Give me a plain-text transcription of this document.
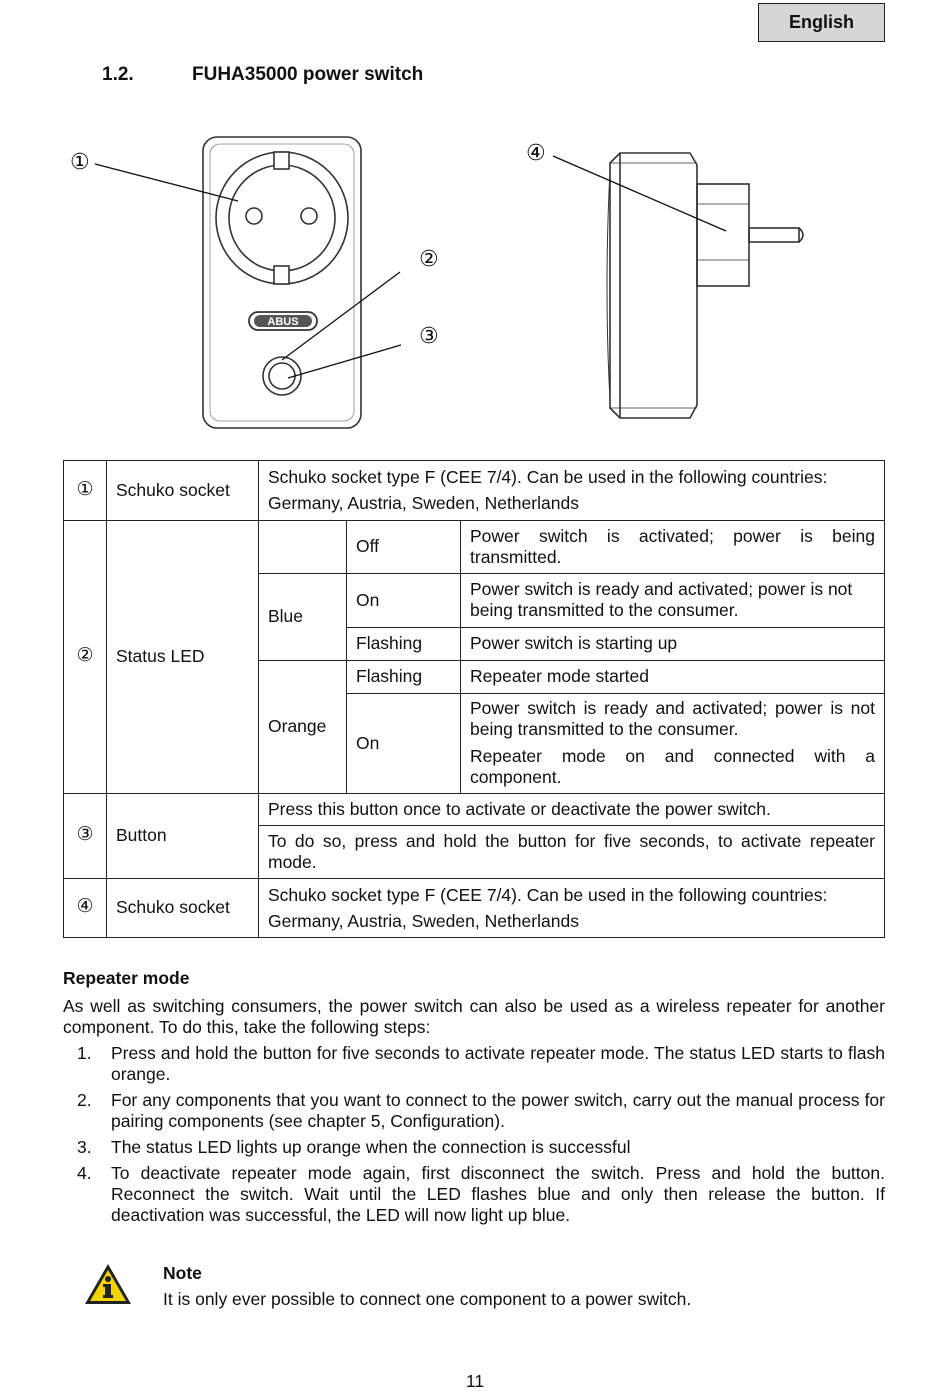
English
1.2.	FUHA35000 power switch
ABUS
①
②
③
④
①	Schuko socket	Schuko socket type F (CEE 7/4). Can be used in the following countries:
Germany, Austria, Sweden, Netherlands		

②	Status LED		Off	Power switch is activated; power is being transmitted.
		Blue	On	Power switch is ready and activated; power is not being transmitted to the consumer.
			Flashing	Power switch is starting up
		Orange	Flashing	Repeater mode started
			On	Power switch is ready and activated; power is not being transmitted to the consumer.
Repeater mode on and connected with a component.

③	Button	Press this button once to activate or deactivate the power switch.		
		To do so, press and hold the button for five seconds, to activate repeater mode.		
④	Schuko socket	Schuko socket type F (CEE 7/4). Can be used in the following countries:
Germany, Austria, Sweden, Netherlands		
Repeater mode

As well as switching consumers, the power switch can also be used as a wireless repeater for another component. To do this, take the following steps:

1. Press and hold the button for five seconds to activate repeater mode. The status LED starts to flash orange.
2. For any components that you want to connect to the power switch, carry out the manual process for pairing components (see chapter 5, Configuration).
3. The status LED lights up orange when the connection is successful
4. To deactivate repeater mode again, first disconnect the switch. Press and hold the button. Reconnect the switch. Wait until the LED flashes blue and only then release the button. If deactivation was successful, the LED will now light up blue.
Note
It is only ever possible to connect one component to a power switch.
11
